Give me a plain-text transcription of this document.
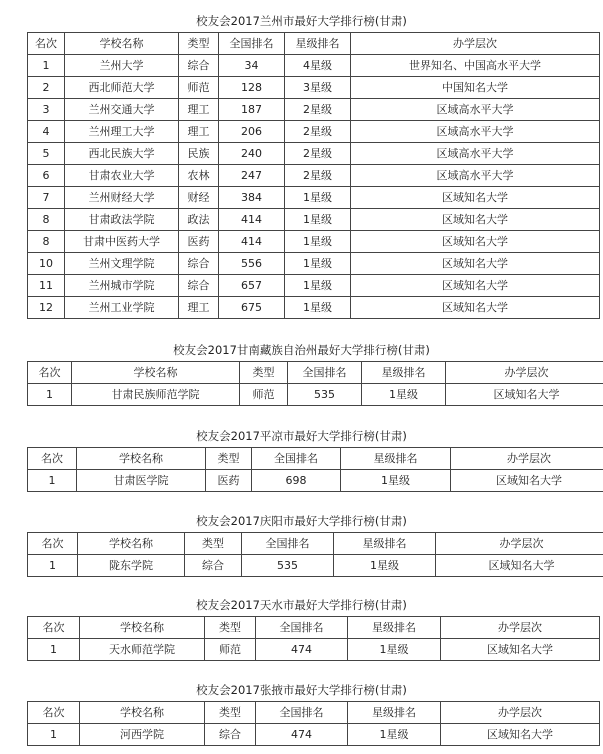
校友会2017兰州市最好大学排行榜(甘肃)
名次	学校名称	类型	全国排名	星级排名	办学层次
1	兰州大学	综合	34	4星级	世界知名、中国高水平大学
2	西北师范大学	师范	128	3星级	中国知名大学
3	兰州交通大学	理工	187	2星级	区域高水平大学
4	兰州理工大学	理工	206	2星级	区域高水平大学
5	西北民族大学	民族	240	2星级	区域高水平大学
6	甘肃农业大学	农林	247	2星级	区域高水平大学
7	兰州财经大学	财经	384	1星级	区域知名大学
8	甘肃政法学院	政法	414	1星级	区域知名大学
8	甘肃中医药大学	医药	414	1星级	区域知名大学
10	兰州文理学院	综合	556	1星级	区域知名大学
11	兰州城市学院	综合	657	1星级	区域知名大学
12	兰州工业学院	理工	675	1星级	区域知名大学
校友会2017甘南藏族自治州最好大学排行榜(甘肃)
名次	学校名称	类型	全国排名	星级排名	办学层次
1	甘肃民族师范学院	师范	535	1星级	区域知名大学
校友会2017平凉市最好大学排行榜(甘肃)
名次	学校名称	类型	全国排名	星级排名	办学层次
1	甘肃医学院	医药	698	1星级	区域知名大学
校友会2017庆阳市最好大学排行榜(甘肃)
名次	学校名称	类型	全国排名	星级排名	办学层次
1	陇东学院	综合	535	1星级	区域知名大学
校友会2017天水市最好大学排行榜(甘肃)
名次	学校名称	类型	全国排名	星级排名	办学层次
1	天水师范学院	师范	474	1星级	区域知名大学
校友会2017张掖市最好大学排行榜(甘肃)
名次	学校名称	类型	全国排名	星级排名	办学层次
1	河西学院	综合	474	1星级	区域知名大学
